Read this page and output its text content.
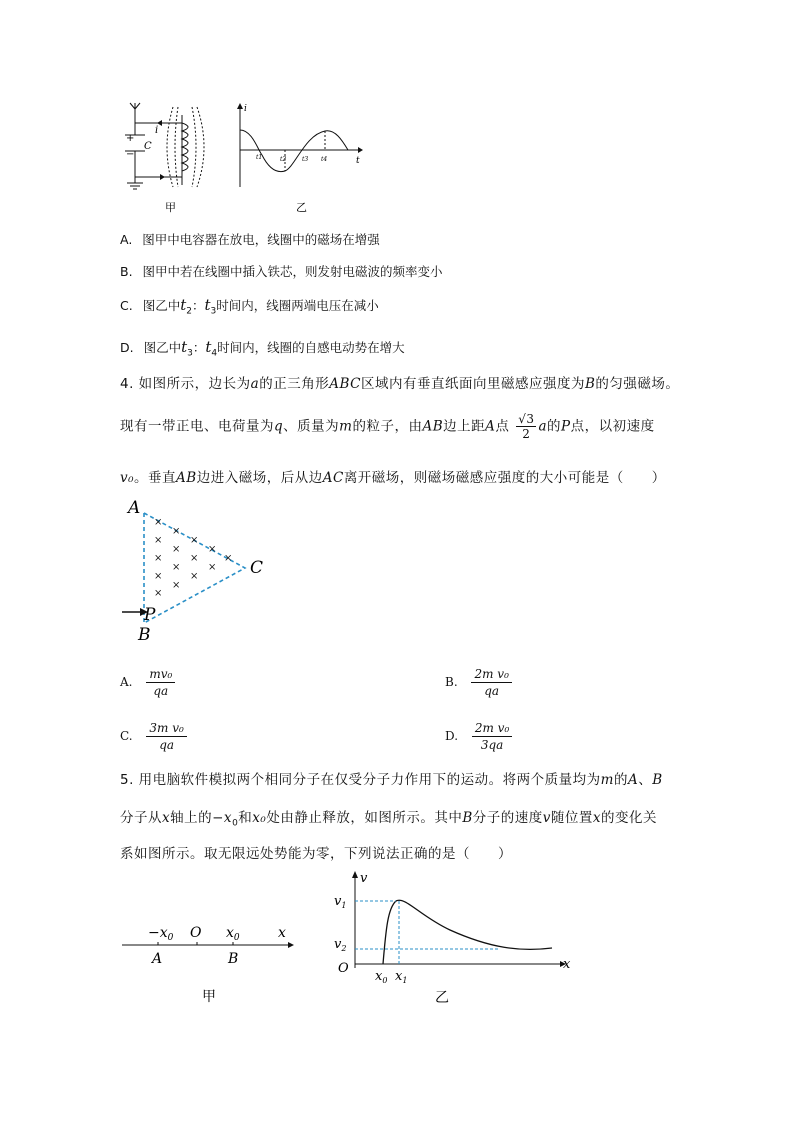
+
−
C
i
甲
i
t
t1	t2	t3 t4
乙
A. 图甲中电容器在放电，线圈中的磁场在增强
B. 图甲中若在线圈中插入铁芯，则发射电磁波的频率变小
C. 图乙中$t_2$：$t_3$时间内，线圈两端电压在减小
D. 图乙中$t_3$：$t_4$时间内，线圈的自感电动势在增大
4. 如图所示，边长为a的正三角形ABC区域内有垂直纸面向里磁感应强度为B的匀强磁场。
现有一带正电、电荷量为q、质量为m的粒子，由AB边上距A点 $\frac{√3}{2}$ a的P点，以初速度
v₀。垂直AB边进入磁场，后从边AC离开磁场，则磁场磁感应强度的大小可能是（　　）
×
×
×
×
×
×
×
×
×
×
×
×
×
×
×
A
B
C
P
A. $\frac{\text{mv₀}}{qa}$	B. $\frac{\text{2m v₀}}{qa}$
C. $\frac{\text{3m v₀}}{qa}$	D. $\frac{\text{2m v₀}}{3qa}$
5. 用电脑软件模拟两个相同分子在仅受分子力作用下的运动。将两个质量均为m的A、B
分子从x轴上的$-x_0$和x₀处由静止释放，如图所示。其中B分子的速度v随位置x的变化关
系如图所示。取无限远处势能为零，下列说法正确的是（　　）
$-x_0$ O $x_0$	x
A	B
甲
v
$v_1$
$v_2$
O
$x_0$ $x_1$
x
乙
